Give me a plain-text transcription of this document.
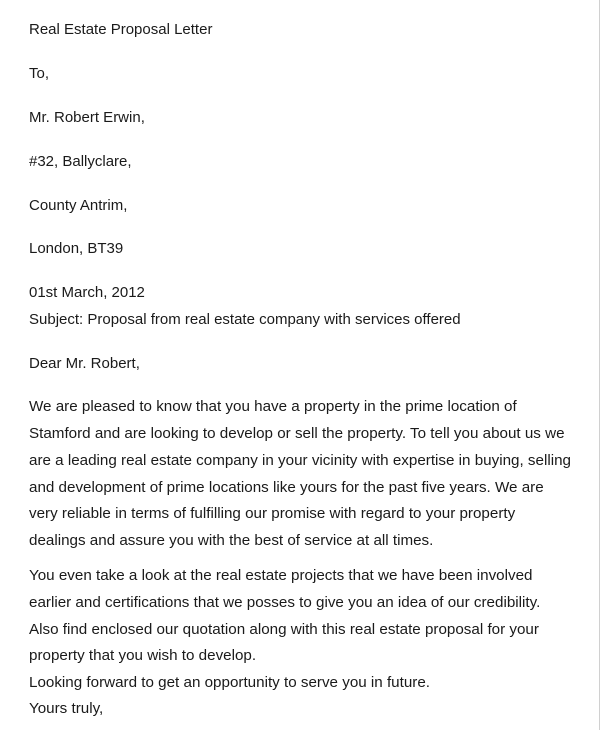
Real Estate Proposal Letter
To,
Mr. Robert Erwin,
#32, Ballyclare,
County Antrim,
London, BT39
01st March, 2012
Subject: Proposal from real estate company with services offered
Dear Mr. Robert,
We are pleased to know that you have a property in the prime location of
Stamford and are looking to develop or sell the property. To tell you about us we
are a leading real estate company in your vicinity with expertise in buying, selling
and development of prime locations like yours for the past five years. We are
very reliable in terms of fulfilling our promise with regard to your property
dealings and assure you with the best of service at all times.
You even take a look at the real estate projects that we have been involved
earlier and certifications that we posses to give you an idea of our credibility.
Also find enclosed our quotation along with this real estate proposal for your
property that you wish to develop.
Looking forward to get an opportunity to serve you in future.
Yours truly,
